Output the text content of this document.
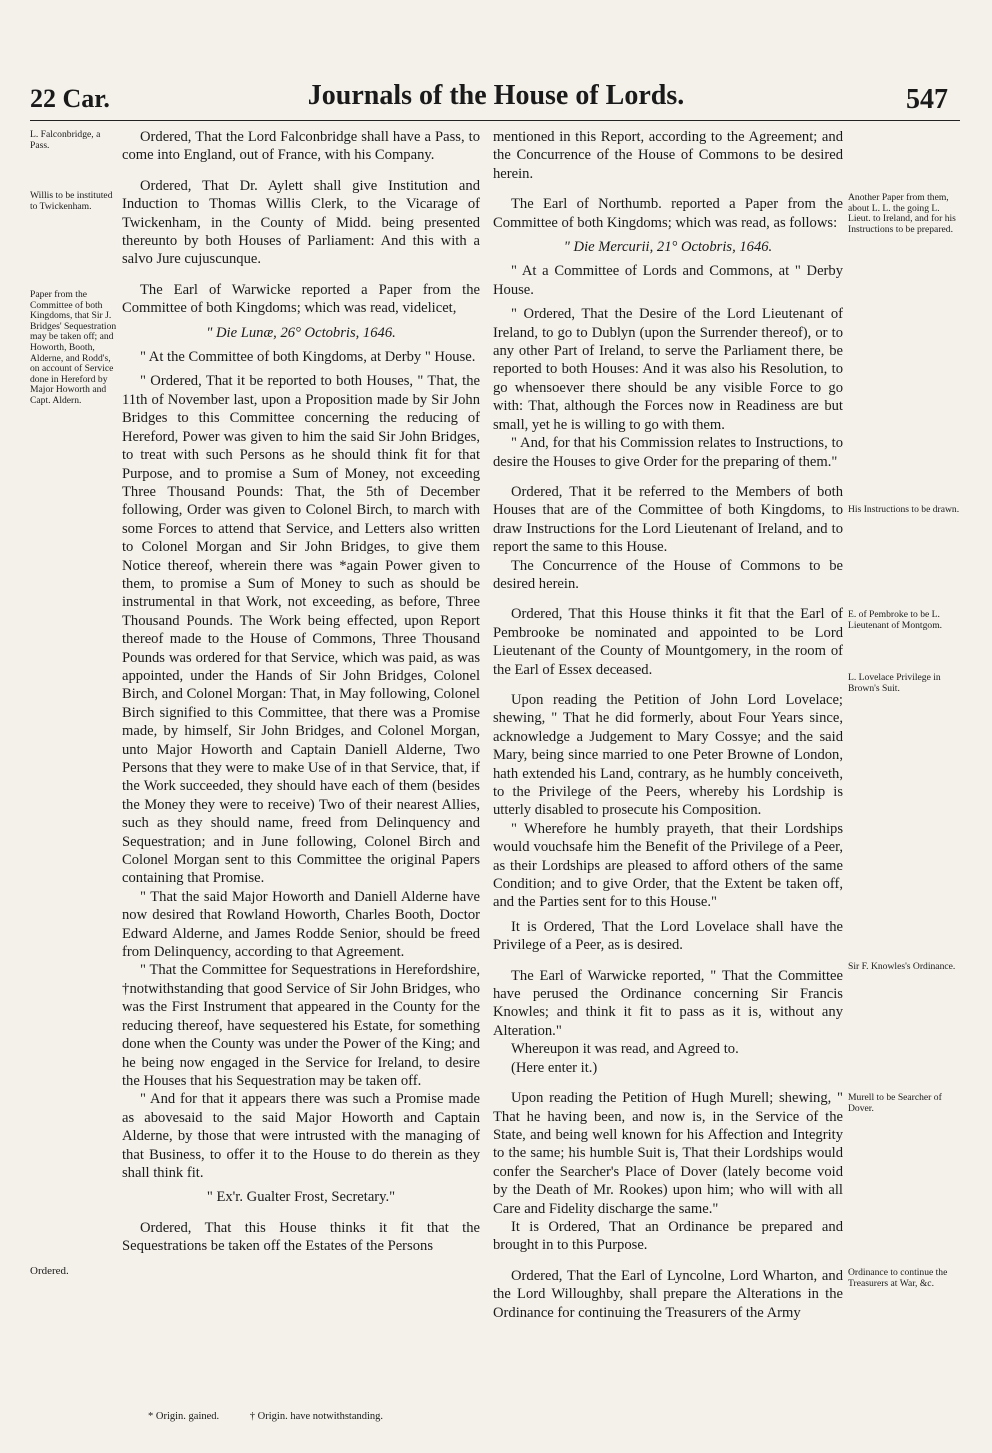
22 Car.	Journals of the House of Lords.	547
L. Falconbridge, a Pass.
Willis to be instituted to Twickenham.
Paper from the Committee of both Kingdoms, that Sir J. Bridges' Sequestration may be taken off; and Howorth, Booth, Alderne, and Rodd's, on account of Service done in Hereford by Major Howorth and Capt. Aldern.
Ordered.
Another Paper from them, about L. L. the going L. Lieut. to Ireland, and for his Instructions to be prepared.
His Instructions to be drawn.
E. of Pembroke to be L. Lieutenant of Montgom.
L. Lovelace Privilege in Brown's Suit.
Sir F. Knowles's Ordinance.
Murell to be Searcher of Dover.
Ordinance to continue the Treasurers at War, &c.

Ordered, That the Lord Falconbridge shall have a Pass, to come into England, out of France, with his Company.

Ordered, That Dr. Aylett shall give Institution and Induction to Thomas Willis Clerk, to the Vicarage of Twickenham, in the County of Midd. being presented thereunto by both Houses of Parliament: And this with a salvo Jure cujuscunque.

The Earl of Warwicke reported a Paper from the Committee of both Kingdoms; which was read, videlicet,

" Die Lunæ, 26° Octobris, 1646.

" At the Committee of both Kingdoms, at Derby " House.

" Ordered, That it be reported to both Houses, " That, the 11th of November last, upon a Proposition made by Sir John Bridges to this Committee concerning the reducing of Hereford, Power was given to him the said Sir John Bridges, to treat with such Persons as he should think fit for that Purpose, and to promise a Sum of Money, not exceeding Three Thousand Pounds: That, the 5th of December following, Order was given to Colonel Birch, to march with some Forces to attend that Service, and Letters also written to Colonel Morgan and Sir John Bridges, to give them Notice thereof, wherein there was *again Power given to them, to promise a Sum of Money to such as should be instrumental in that Work, not exceeding, as before, Three Thousand Pounds. The Work being effected, upon Report thereof made to the House of Commons, Three Thousand Pounds was ordered for that Service, which was paid, as was appointed, under the Hands of Sir John Bridges, Colonel Birch, and Colonel Morgan: That, in May following, Colonel Birch signified to this Committee, that there was a Promise made, by himself, Sir John Bridges, and Colonel Morgan, unto Major Howorth and Captain Daniell Alderne, Two Persons that they were to make Use of in that Service, that, if the Work succeeded, they should have each of them (besides the Money they were to receive) Two of their nearest Allies, such as they should name, freed from Delinquency and Sequestration; and in June following, Colonel Birch and Colonel Morgan sent to this Committee the original Papers containing that Promise.

" That the said Major Howorth and Daniell Alderne have now desired that Rowland Howorth, Charles Booth, Doctor Edward Alderne, and James Rodde Senior, should be freed from Delinquency, according to that Agreement.

" That the Committee for Sequestrations in Herefordshire, †notwithstanding that good Service of Sir John Bridges, who was the First Instrument that appeared in the County for the reducing thereof, have sequestered his Estate, for something done when the County was under the Power of the King; and he being now engaged in the Service for Ireland, to desire the Houses that his Sequestration may be taken off.

" And for that it appears there was such a Promise made as abovesaid to the said Major Howorth and Captain Alderne, by those that were intrusted with the managing of that Business, to offer it to the House to do therein as they shall think fit.

" Ex'r. Gualter Frost, Secretary."

Ordered, That this House thinks it fit that the Sequestrations be taken off the Estates of the Persons

mentioned in this Report, according to the Agreement; and the Concurrence of the House of Commons to be desired herein.

The Earl of Northumb. reported a Paper from the Committee of both Kingdoms; which was read, as follows:

" Die Mercurii, 21° Octobris, 1646.

" At a Committee of Lords and Commons, at " Derby House.

" Ordered, That the Desire of the Lord Lieutenant of Ireland, to go to Dublyn (upon the Surrender thereof), or to any other Part of Ireland, to serve the Parliament there, be reported to both Houses: And it was also his Resolution, to go whensoever there should be any visible Force to go with: That, although the Forces now in Readiness are but small, yet he is willing to go with them.

" And, for that his Commission relates to Instructions, to desire the Houses to give Order for the preparing of them."

Ordered, That it be referred to the Members of both Houses that are of the Committee of both Kingdoms, to draw Instructions for the Lord Lieutenant of Ireland, and to report the same to this House.

The Concurrence of the House of Commons to be desired herein.

Ordered, That this House thinks it fit that the Earl of Pembrooke be nominated and appointed to be Lord Lieutenant of the County of Mountgomery, in the room of the Earl of Essex deceased.

Upon reading the Petition of John Lord Lovelace; shewing, " That he did formerly, about Four Years since, acknowledge a Judgement to Mary Cossye; and the said Mary, being since married to one Peter Browne of London, hath extended his Land, contrary, as he humbly conceiveth, to the Privilege of the Peers, whereby his Lordship is utterly disabled to prosecute his Composition.

" Wherefore he humbly prayeth, that their Lordships would vouchsafe him the Benefit of the Privilege of a Peer, as their Lordships are pleased to afford others of the same Condition; and to give Order, that the Extent be taken off, and the Parties sent for to this House."

It is Ordered, That the Lord Lovelace shall have the Privilege of a Peer, as is desired.

The Earl of Warwicke reported, " That the Committee have perused the Ordinance concerning Sir Francis Knowles; and think it fit to pass as it is, without any Alteration."

Whereupon it was read, and Agreed to.

(Here enter it.)

Upon reading the Petition of Hugh Murell; shewing, " That he having been, and now is, in the Service of the State, and being well known for his Affection and Integrity to the same; his humble Suit is, That their Lordships would confer the Searcher's Place of Dover (lately become void by the Death of Mr. Rookes) upon him; who will with all Care and Fidelity discharge the same."

It is Ordered, That an Ordinance be prepared and brought in to this Purpose.

Ordered, That the Earl of Lyncolne, Lord Wharton, and the Lord Willoughby, shall prepare the Alterations in the Ordinance for continuing the Treasurers of the Army

* Origin. gained.	† Origin. have notwithstanding.
